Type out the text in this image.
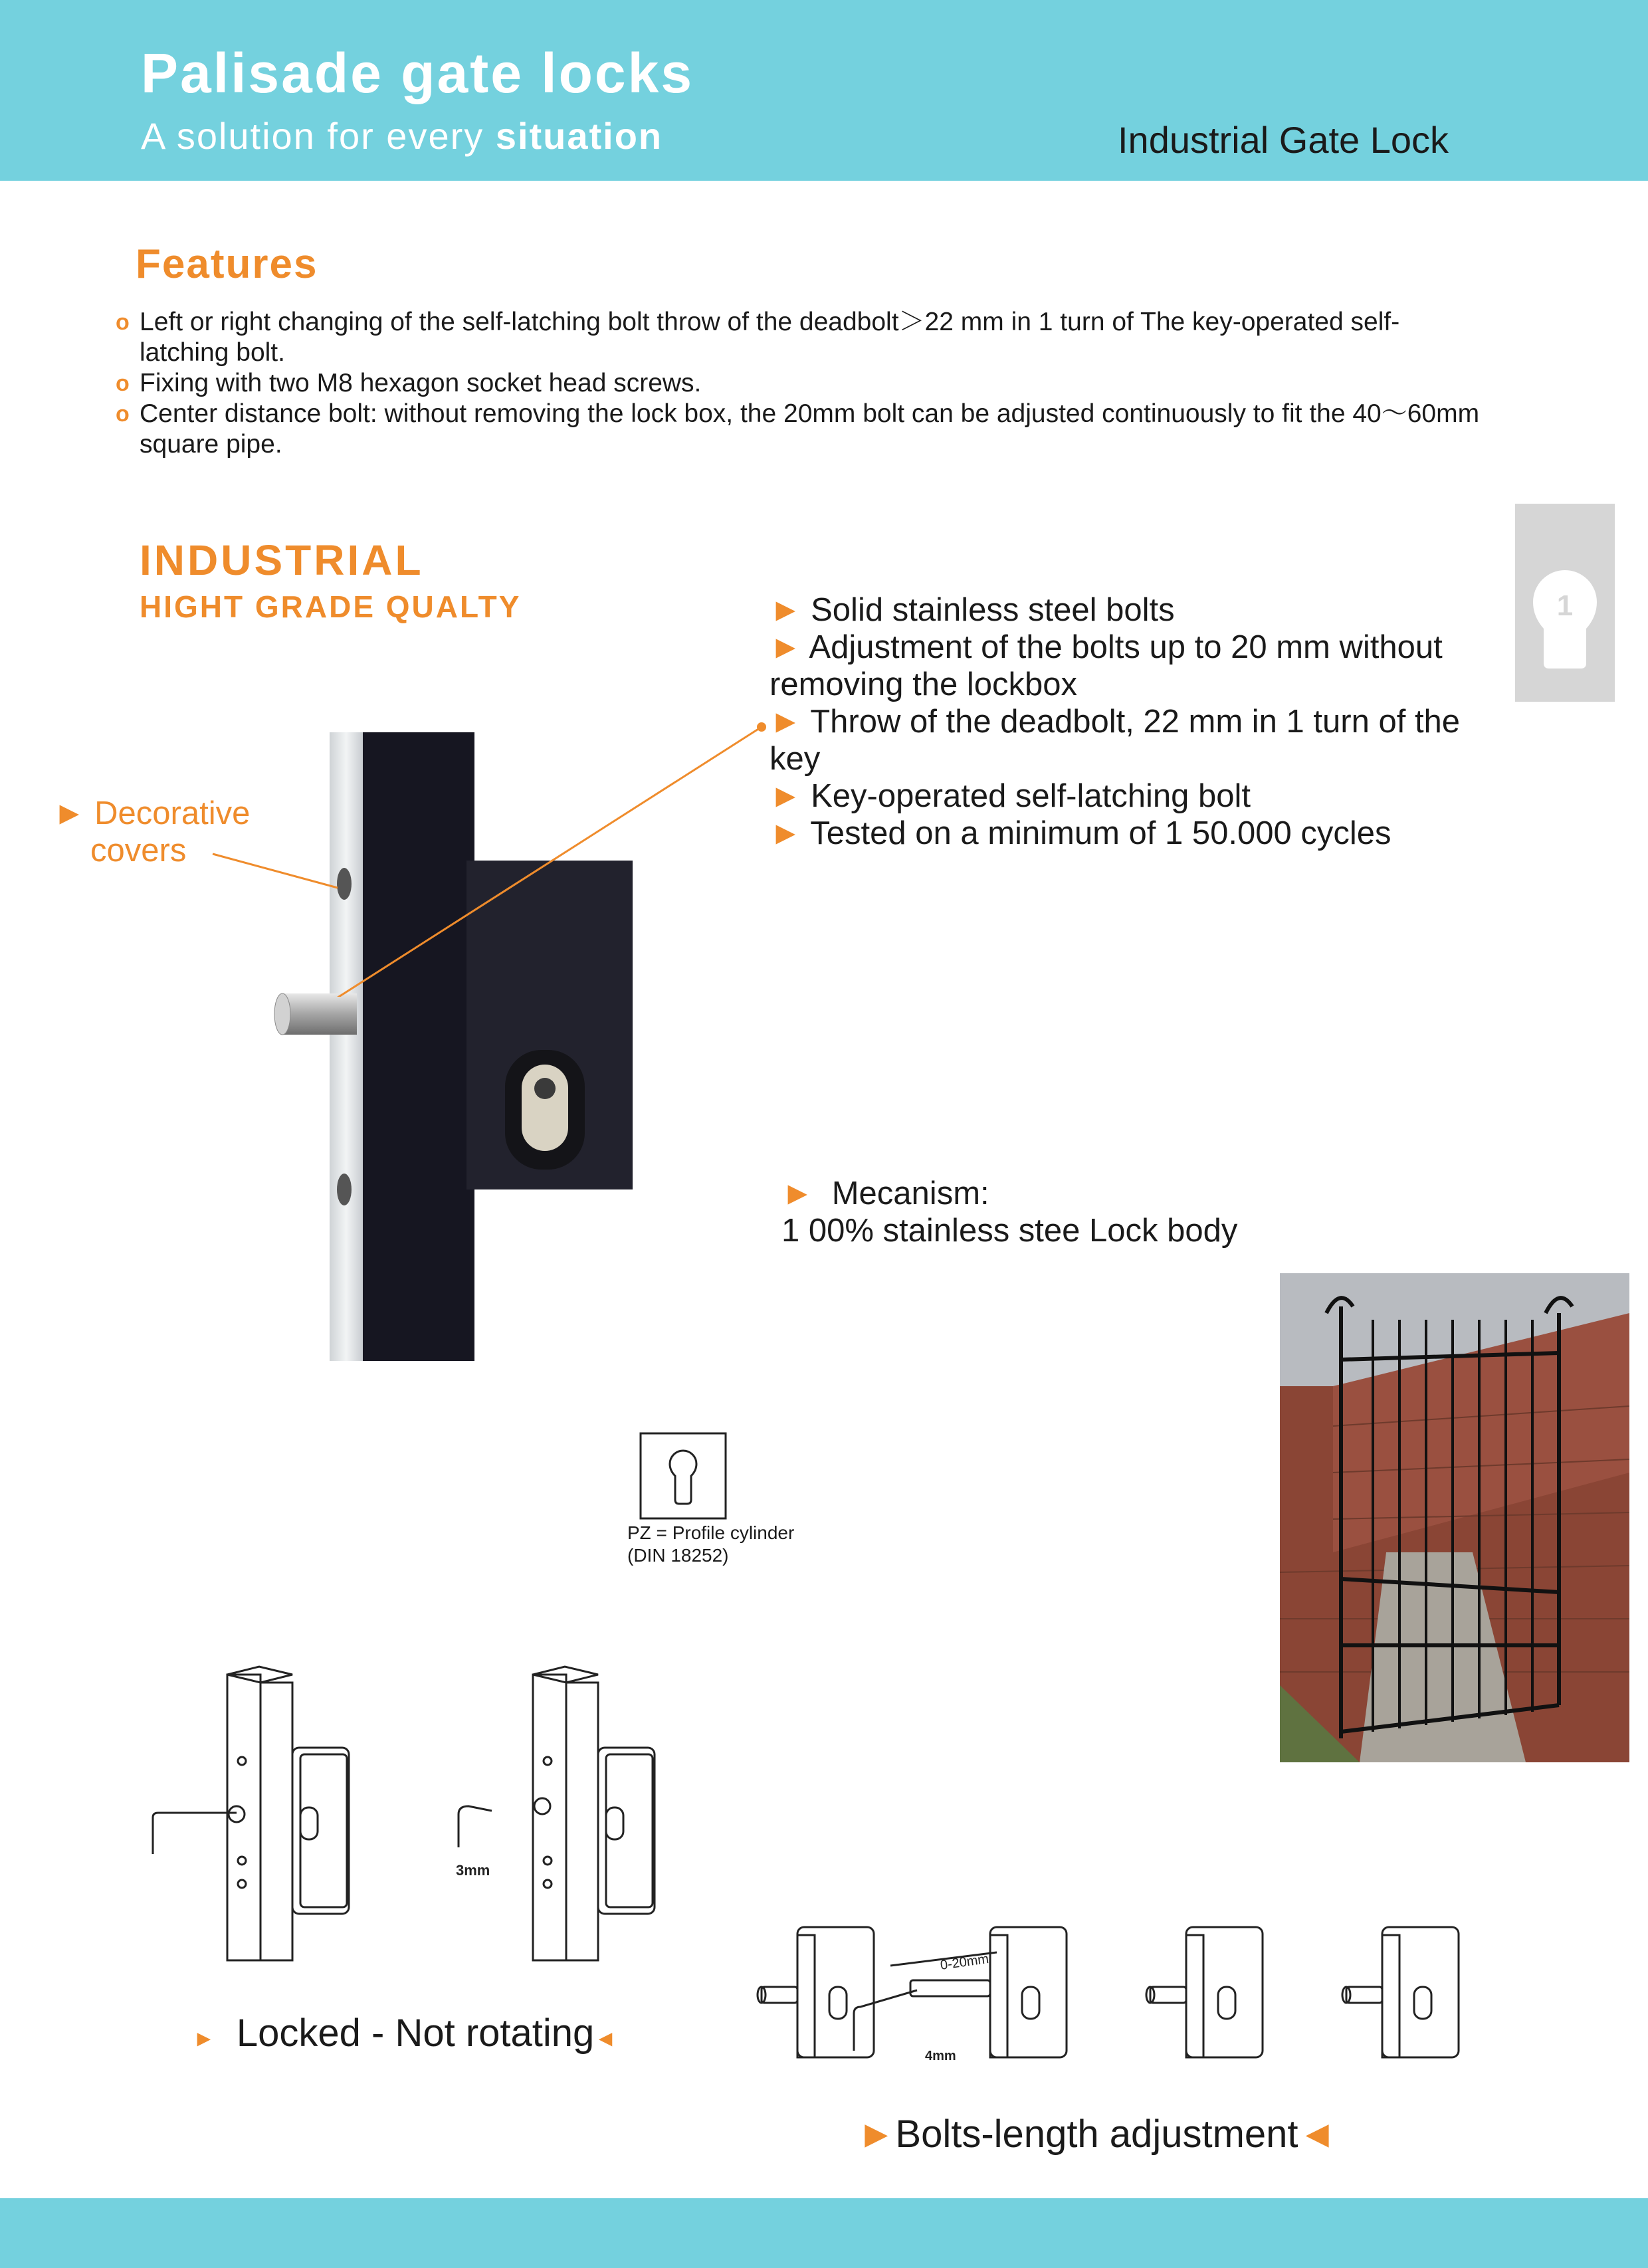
Palisade gate locks
A solution for every situation	Industrial Gate Lock
Features
o Left or right changing of the self-latching bolt throw of the deadbolt＞22 mm in 1 turn of The key-operated self-latching bolt.
o Fixing with two M8 hexagon socket head screws.
o Center distance bolt: without removing the lock box, the 20mm bolt can be adjusted continuously to fit the 40～60mm square pipe.
INDUSTRIAL
HIGHT GRADE QUALTY	1
► Decorative
covers
► Solid stainless steel bolts
► Adjustment of the bolts up to 20 mm without removing the lockbox
► Throw of the deadbolt, 22 mm in 1 turn of the key
► Key-operated self-latching bolt
► Tested on a minimum of 1 50.000 cycles
► Mecanism:
1 00% stainless stee Lock body
PZ = Profile cylinder
(DIN 18252)
3mm
► Locked - Not rotating◄
0-20mm
4mm
►Bolts-length adjustment◄
